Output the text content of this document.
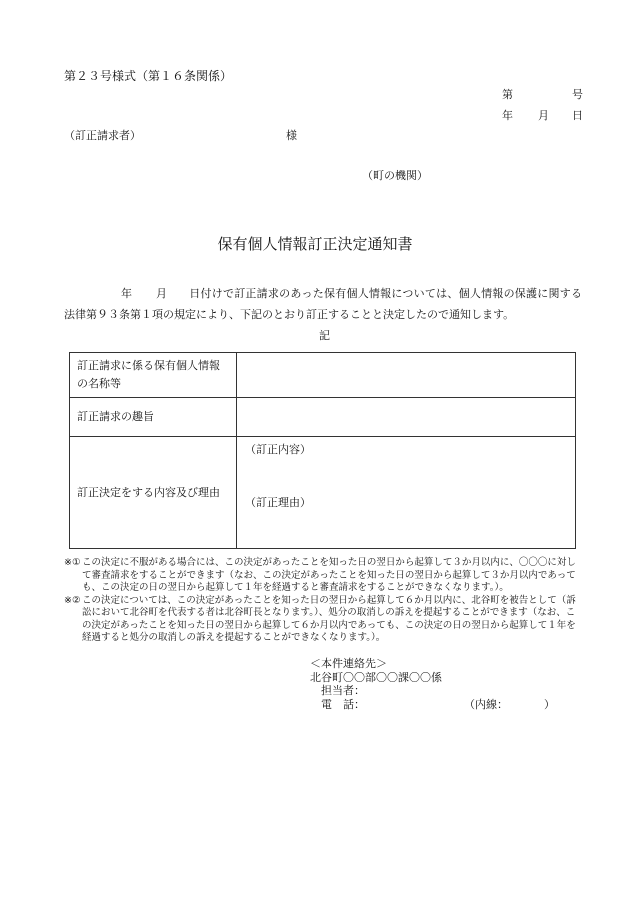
第２３号様式（第１６条関係）
第	号
年 月 日
（訂正請求者）	様
（町の機関）
保有個人情報訂正決定通知書
年 月 日付けで訂正請求のあった保有個人情報については、個人情報の保護に関する法律第９３条第１項の規定により、下記のとおり訂正することと決定したので通知します。
記
訂正請求に係る保有個人情報
の名称等	

訂正請求の趣旨	
訂正決定をする内容及び理由	（訂正内容）
（訂正理由）

※① この決定に不服がある場合には、この決定があったことを知った日の翌日から起算して３か月以内に、〇〇〇に対して審査請求をすることができます（なお、この決定があったことを知った日の翌日から起算して３か月以内であっても、この決定の日の翌日から起算して１年を経過すると審査請求をすることができなくなります。）。

※② この決定については、この決定があったことを知った日の翌日から起算して６か月以内に、北谷町を被告として（訴訟において北谷町を代表する者は北谷町長となります。）、処分の取消しの訴えを提起することができます（なお、この決定があったことを知った日の翌日から起算して６か月以内であっても、この決定の日の翌日から起算して１年を経過すると処分の取消しの訴えを提起することができなくなります。）。

＜本件連絡先＞
北谷町〇〇部〇〇課〇〇係
担当者：
電　話：	（内線：	）
